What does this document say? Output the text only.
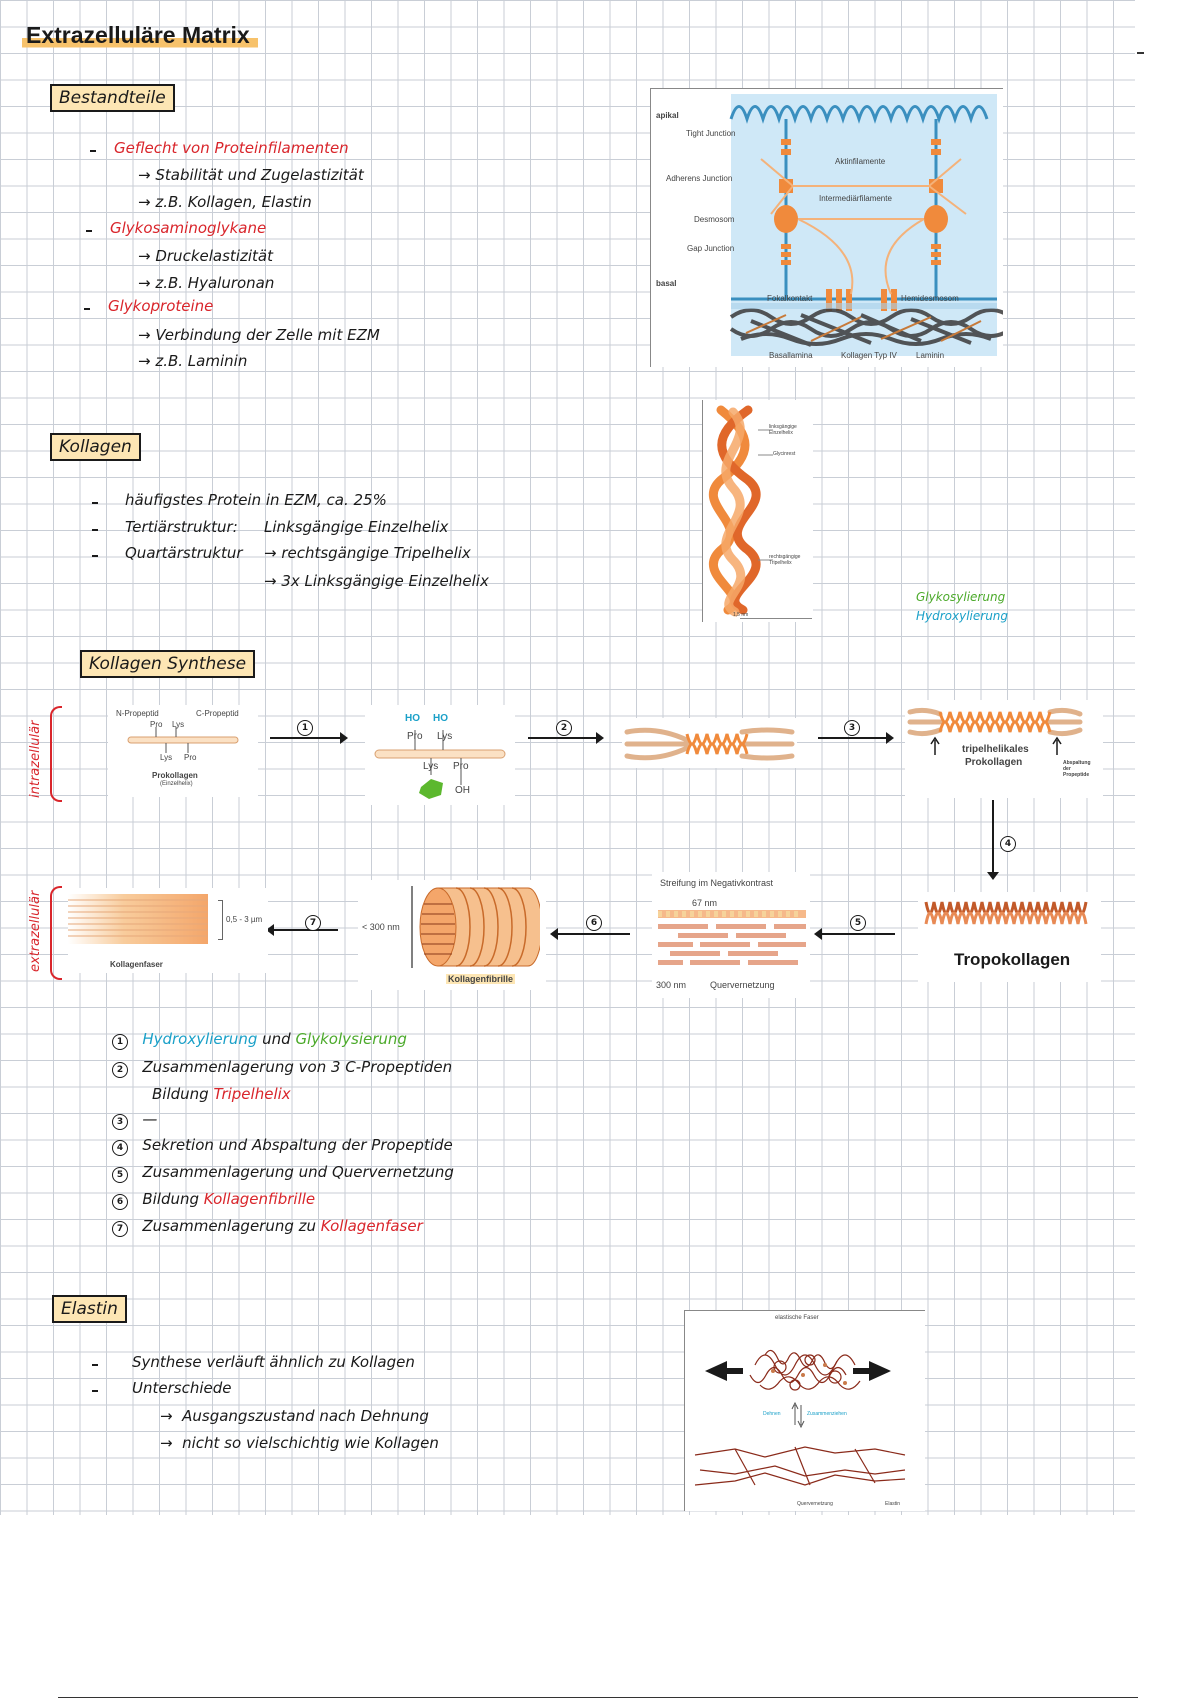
Extrazelluläre Matrix
Bestandteile
Geflecht von Proteinfilamenten
→ Stabilität und Zugelastizität
→ z.B. Kollagen, Elastin
Glykosaminoglykane
→ Druckelastizität
→ z.B. Hyaluronan
Glykoproteine
→ Verbindung der Zelle mit EZM
→ z.B. Laminin
apikal
Tight Junction
Adherens Junction
Desmosom
Gap Junction
basal
Aktinfilamente
Intermediärfilamente
Fokalkontakt	Hemidesmosom
Basallamina	Kollagen Typ IV Laminin
Kollagen
häufigstes Protein in EZM, ca. 25%
Tertiärstruktur: Linksgängige Einzelhelix
Quartärstruktur → rechtsgängige Tripelhelix
→ 3x Linksgängige Einzelhelix
linksgängige Einzelhelix
Glycinrest
rechtsgängige Tripelhelix
1,5 nm
Glykosylierung
Hydroxylierung
Kollagen Synthese
intrazellulär
extrazellulär
N-Propeptid	C-Propeptid
Pro Lys
Lys Pro
Prokollagen
(Einzelhelix)
1
HO HO
Pro Lys
Lys Pro
OH
2	3
tripelhelikales
Prokollagen	Abspaltung der Propeptide
4
Tropokollagen
5
Streifung im Negativkontrast
67 nm
300 nm	Quervernetzung
6
< 300 nm
Kollagenfibrille
7
0,5 - 3 µm
Kollagenfaser
1 Hydroxylierung und Glykolysierung
2 Zusammenlagerung von 3 C-Propeptiden
Bildung Tripelhelix
3 —
4 Sekretion und Abspaltung der Propeptide
5 Zusammenlagerung und Quervernetzung
6 Bildung Kollagenfibrille
7 Zusammenlagerung zu Kollagenfaser
Elastin
Synthese verläuft ähnlich zu Kollagen
Unterschiede
→  Ausgangszustand nach Dehnung
→  nicht so vielschichtig wie Kollagen
elastische Faser
Dehnen	Zusammenziehen
Quervernetzung	Elastin
